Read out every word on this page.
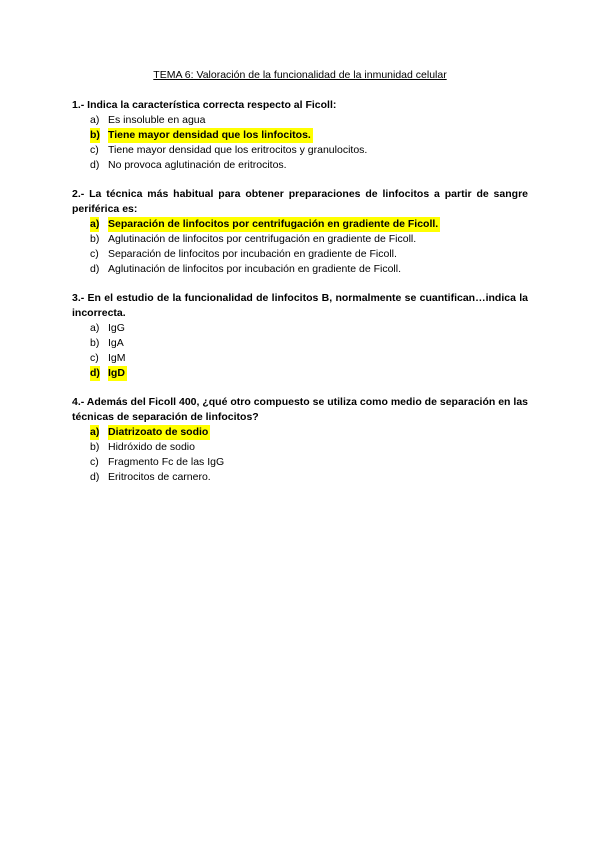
TEMA 6: Valoración de la funcionalidad de la inmunidad celular

1.- Indica la característica correcta respecto al Ficoll:

a) Es insoluble en agua
b) Tiene mayor densidad que los linfocitos.
c) Tiene mayor densidad que los eritrocitos y granulocitos.
d) No provoca aglutinación de eritrocitos.

2.- La técnica más habitual para obtener preparaciones de linfocitos a partir de sangre periférica es:

a) Separación de linfocitos por centrifugación en gradiente de Ficoll.
b) Aglutinación de linfocitos por centrifugación en gradiente de Ficoll.
c) Separación de linfocitos por incubación en gradiente de Ficoll.
d) Aglutinación de linfocitos por incubación en gradiente de Ficoll.

3.- En el estudio de la funcionalidad de linfocitos B, normalmente se cuantifican…indica la incorrecta.

a) IgG
b) IgA
c) IgM
d) IgD

4.- Además del Ficoll 400, ¿qué otro compuesto se utiliza como medio de separación en las técnicas de separación de linfocitos?

a) Diatrizoato de sodio
b) Hidróxido de sodio
c) Fragmento Fc de las IgG
d) Eritrocitos de carnero.
